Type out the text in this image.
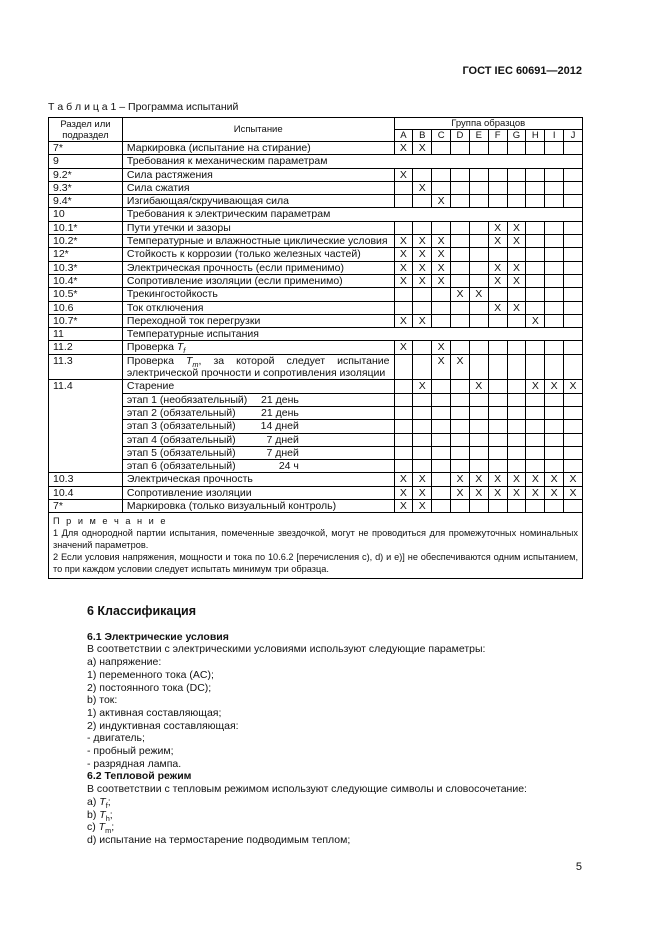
ГОСТ IEC 60691—2012
Т а б л и ц а 1 – Программа испытаний
Раздел или подраздел	Испытание	Группа образцов									
		A	B	C	D	E	F	G	H	I	J
7*	Маркировка (испытание на стирание)	X	X								
9	Требования к механическим параметрам										
9.2*	Сила растяжения	X									
9.3*	Сила сжатия		X								
9.4*	Изгибающая/скручивающая сила			X							
10	Требования к электрическим параметрам										
10.1*	Пути утечки и зазоры						X	X			
10.2*	Температурные и влажностные циклические условия	X	X	X			X	X			
12*	Стойкость к коррозии (только железных частей)	X	X	X							
10.3*	Электрическая прочность (если применимо)	X	X	X			X	X			
10.4*	Сопротивление изоляции (если применимо)	X	X	X			X	X			
10.5*	Трекингостойкость				X	X					
10.6	Ток отключения						X	X			
10.7*	Переходной ток перегрузки	X	X						X		
11	Температурные испытания										
11.2	Проверка $T_f$	X		X							
11.3	Проверка $T_m$, за которой следует испытание электрической прочности и сопротивления изоляции			X	X						
11.4	Старение		X			X			X	X	X

	этап 1 (необязательный) 21 день										

	этап 2 (обязательный) 21 день										

	этап 3 (обязательный) 14 дней										

	этап 4 (обязательный) 7 дней										

	этап 5 (обязательный) 7 дней										

	этап 6 (обязательный) 24 ч										

10.3	Электрическая прочность	X	X		X	X	X	X	X	X	X
10.4	Сопротивление изоляции	X	X		X	X	X	X	X	X	X
7*	Маркировка (только визуальный контроль)	X	X								

П р и м е ч а н и е
1 Для однородной партии испытания, помеченные звездочкой, могут не проводиться для промежуточных номинальных значений параметров.
2 Если условия напряжения, мощности и тока по 10.6.2 [перечисления c), d) и e)] не обеспечиваются одним испытанием, то при каждом условии следует испытать минимум три образца.											
6 Классификация
6.1 Электрические условия

В соответствии с электрическими условиями используют следующие параметры:

а) напряжение:

1) переменного тока (AC);

2) постоянного тока (DC);

b) ток:

1) активная составляющая;

2) индуктивная составляющая:

- двигатель;

- пробный режим;

- разрядная лампа.

6.2 Тепловой режим

В соответствии с тепловым режимом используют следующие символы и словосочетание:

a) $T_f$;

b) $T_h$;

c) $T_m$;

d) испытание на термостарение подводимым теплом;

5
